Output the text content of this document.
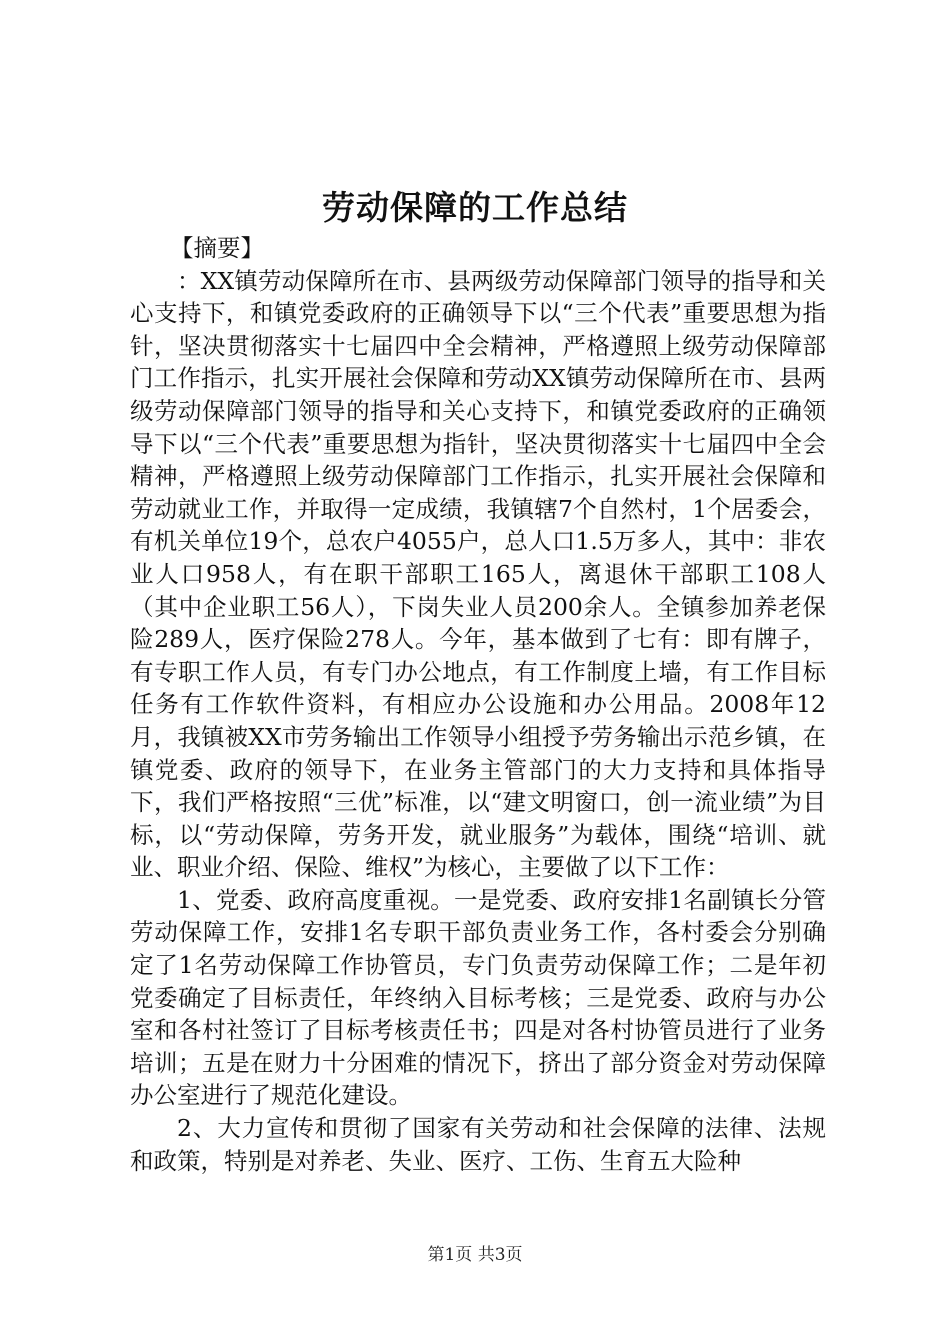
劳动保障的工作总结
【摘要】

：XX镇劳动保障所在市、县两级劳动保障部门领导的指导和关心支持下，和镇党委政府的正确领导下以“三个代表”重要思想为指针，坚决贯彻落实十七届四中全会精神，严格遵照上级劳动保障部门工作指示，扎实开展社会保障和劳动XX镇劳动保障所在市、县两级劳动保障部门领导的指导和关心支持下，和镇党委政府的正确领导下以“三个代表”重要思想为指针，坚决贯彻落实十七届四中全会精神，严格遵照上级劳动保障部门工作指示，扎实开展社会保障和劳动就业工作，并取得一定成绩，我镇辖7个自然村，1个居委会，有机关单位19个，总农户4055户，总人口1.5万多人，其中：非农业人口958人，有在职干部职工165人，离退休干部职工108人（其中企业职工56人），下岗失业人员200余人。全镇参加养老保险289人，医疗保险278人。今年，基本做到了七有：即有牌子，有专职工作人员，有专门办公地点，有工作制度上墙，有工作目标任务有工作软件资料，有相应办公设施和办公用品。2008年12月，我镇被XX市劳务输出工作领导小组授予劳务输出示范乡镇，在镇党委、政府的领导下，在业务主管部门的大力支持和具体指导下，我们严格按照“三优”标准，以“建文明窗口，创一流业绩”为目标，以“劳动保障，劳务开发，就业服务”为载体，围绕“培训、就业、职业介绍、保险、维权”为核心，主要做了以下工作：

1、党委、政府高度重视。一是党委、政府安排1名副镇长分管劳动保障工作，安排1名专职干部负责业务工作，各村委会分别确定了1名劳动保障工作协管员，专门负责劳动保障工作；二是年初党委确定了目标责任，年终纳入目标考核；三是党委、政府与办公室和各村社签订了目标考核责任书；四是对各村协管员进行了业务培训；五是在财力十分困难的情况下，挤出了部分资金对劳动保障办公室进行了规范化建设。

2、大力宣传和贯彻了国家有关劳动和社会保障的法律、法规和政策，特别是对养老、失业、医疗、工伤、生育五大险种

第1页 共3页
